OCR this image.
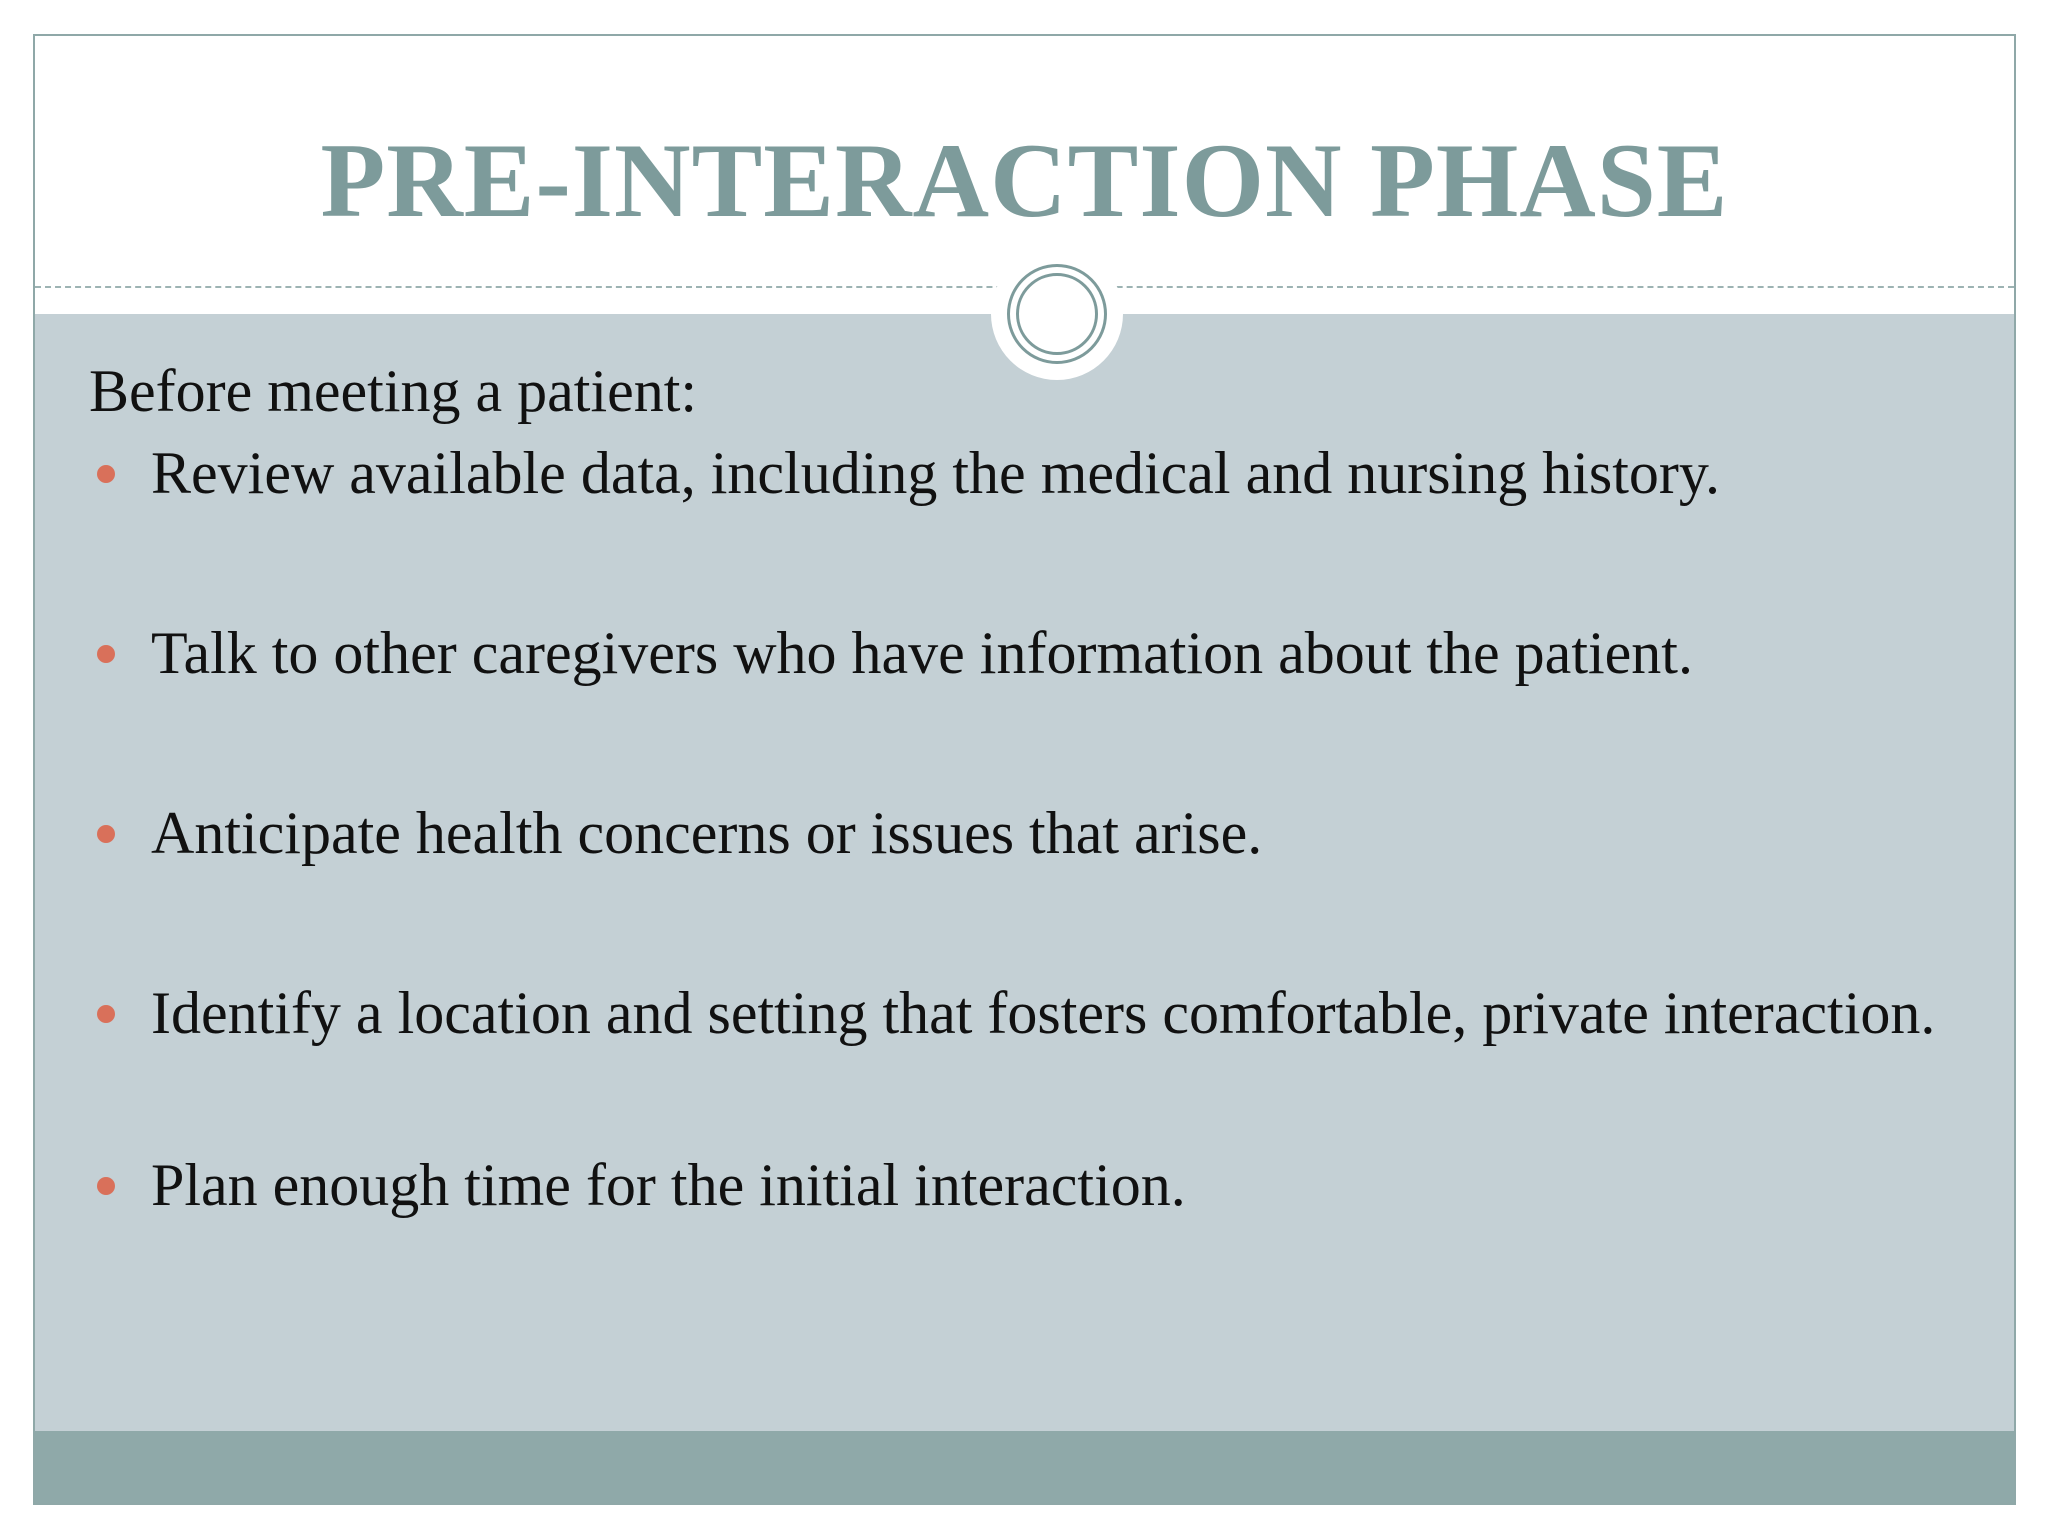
PRE-INTERACTION PHASE

Before meeting a patient:

Review available data, including the medical and nursing history.
Talk to other caregivers who have information about the patient.
Anticipate health concerns or issues that arise.
Identify a location and setting that fosters comfortable, private interaction.
Plan enough time for the initial interaction.
